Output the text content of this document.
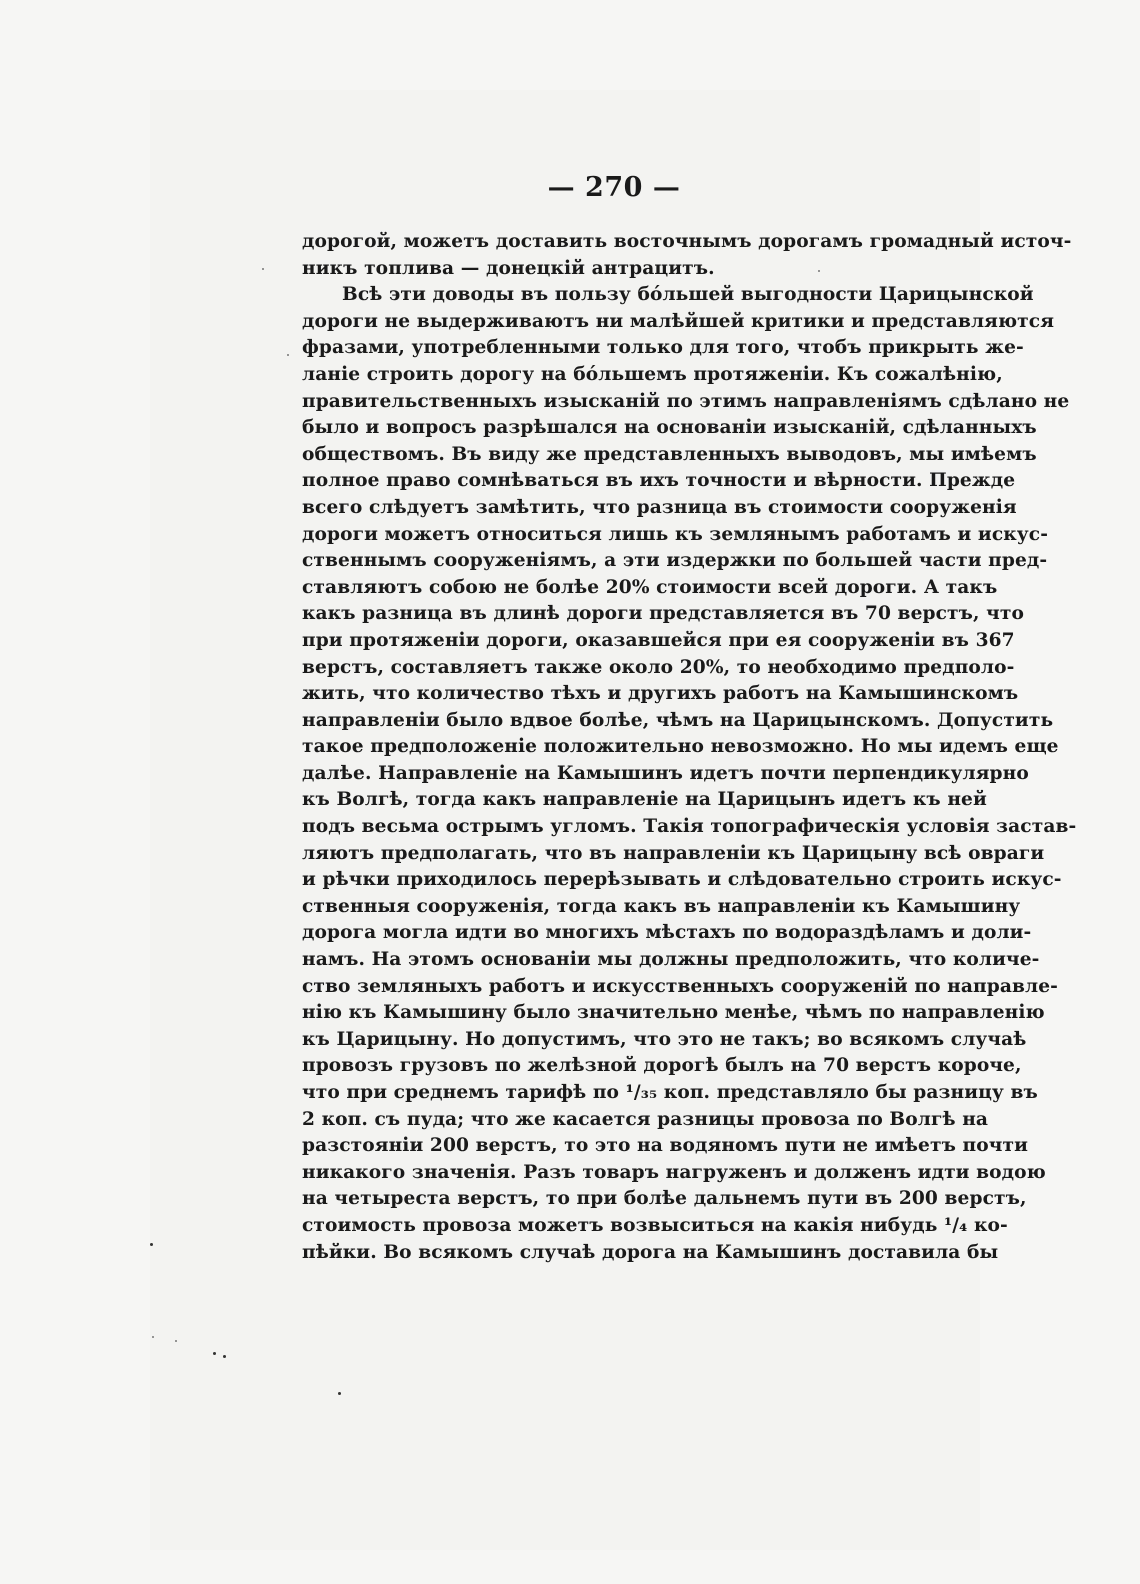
— 270 —
дорогой, можетъ доставить восточнымъ дорогамъ громадный источ-
никъ топлива — донецкій антрацитъ.
Всѣ эти доводы въ пользу бо́льшей выгодности Царицынской
дороги не выдерживаютъ ни малѣйшей критики и представляются
фразами, употребленными только для того, чтобъ прикрыть же-
ланіе строить дорогу на бо́льшемъ протяженіи. Къ сожалѣнію,
правительственныхъ изысканій по этимъ направленіямъ сдѣлано не
было и вопросъ разрѣшался на основаніи изысканій, сдѣланныхъ
обществомъ. Въ виду же представленныхъ выводовъ, мы имѣемъ
полное право сомнѣваться въ ихъ точности и вѣрности. Прежде
всего слѣдуетъ замѣтить, что разница въ стоимости сооруженія
дороги можетъ относиться лишь къ землянымъ работамъ и искус-
ственнымъ сооруженіямъ, а эти издержки по большей части пред-
ставляютъ собою не болѣе 20% стоимости всей дороги. А такъ
какъ разница въ длинѣ дороги представляется въ 70 верстъ, что
при протяженіи дороги, оказавшейся при ея сооруженіи въ 367
верстъ, составляетъ также около 20%, то необходимо предполо-
жить, что количество тѣхъ и другихъ работъ на Камышинскомъ
направленіи было вдвое болѣе, чѣмъ на Царицынскомъ. Допустить
такое предположеніе положительно невозможно. Но мы идемъ еще
далѣе. Направленіе на Камышинъ идетъ почти перпендикулярно
къ Волгѣ, тогда какъ направленіе на Царицынъ идетъ къ ней
подъ весьма острымъ угломъ. Такія топографическія условія застав-
ляютъ предполагать, что въ направленіи къ Царицыну всѣ овраги
и рѣчки приходилось перерѣзывать и слѣдовательно строить искус-
ственныя сооруженія, тогда какъ въ направленіи къ Камышину
дорога могла идти во многихъ мѣстахъ по водораздѣламъ и доли-
намъ. На этомъ основаніи мы должны предположить, что количе-
ство земляныхъ работъ и искусственныхъ сооруженій по направле-
нію къ Камышину было значительно менѣе, чѣмъ по направленію
къ Царицыну. Но допустимъ, что это не такъ; во всякомъ случаѣ
провозъ грузовъ по желѣзной дорогѣ былъ на 70 верстъ короче,
что при среднемъ тарифѣ по ¹/₃₅ коп. представляло бы разницу въ
2 коп. съ пуда; что же касается разницы провоза по Волгѣ на
разстояніи 200 верстъ, то это на водяномъ пути не имѣетъ почти
никакого значенія. Разъ товаръ нагруженъ и долженъ идти водою
на четыреста верстъ, то при болѣе дальнемъ пути въ 200 верстъ,
стоимость провоза можетъ возвыситься на какія нибудь ¹/₄ ко-
пѣйки. Во всякомъ случаѣ дорога на Камышинъ доставила бы
